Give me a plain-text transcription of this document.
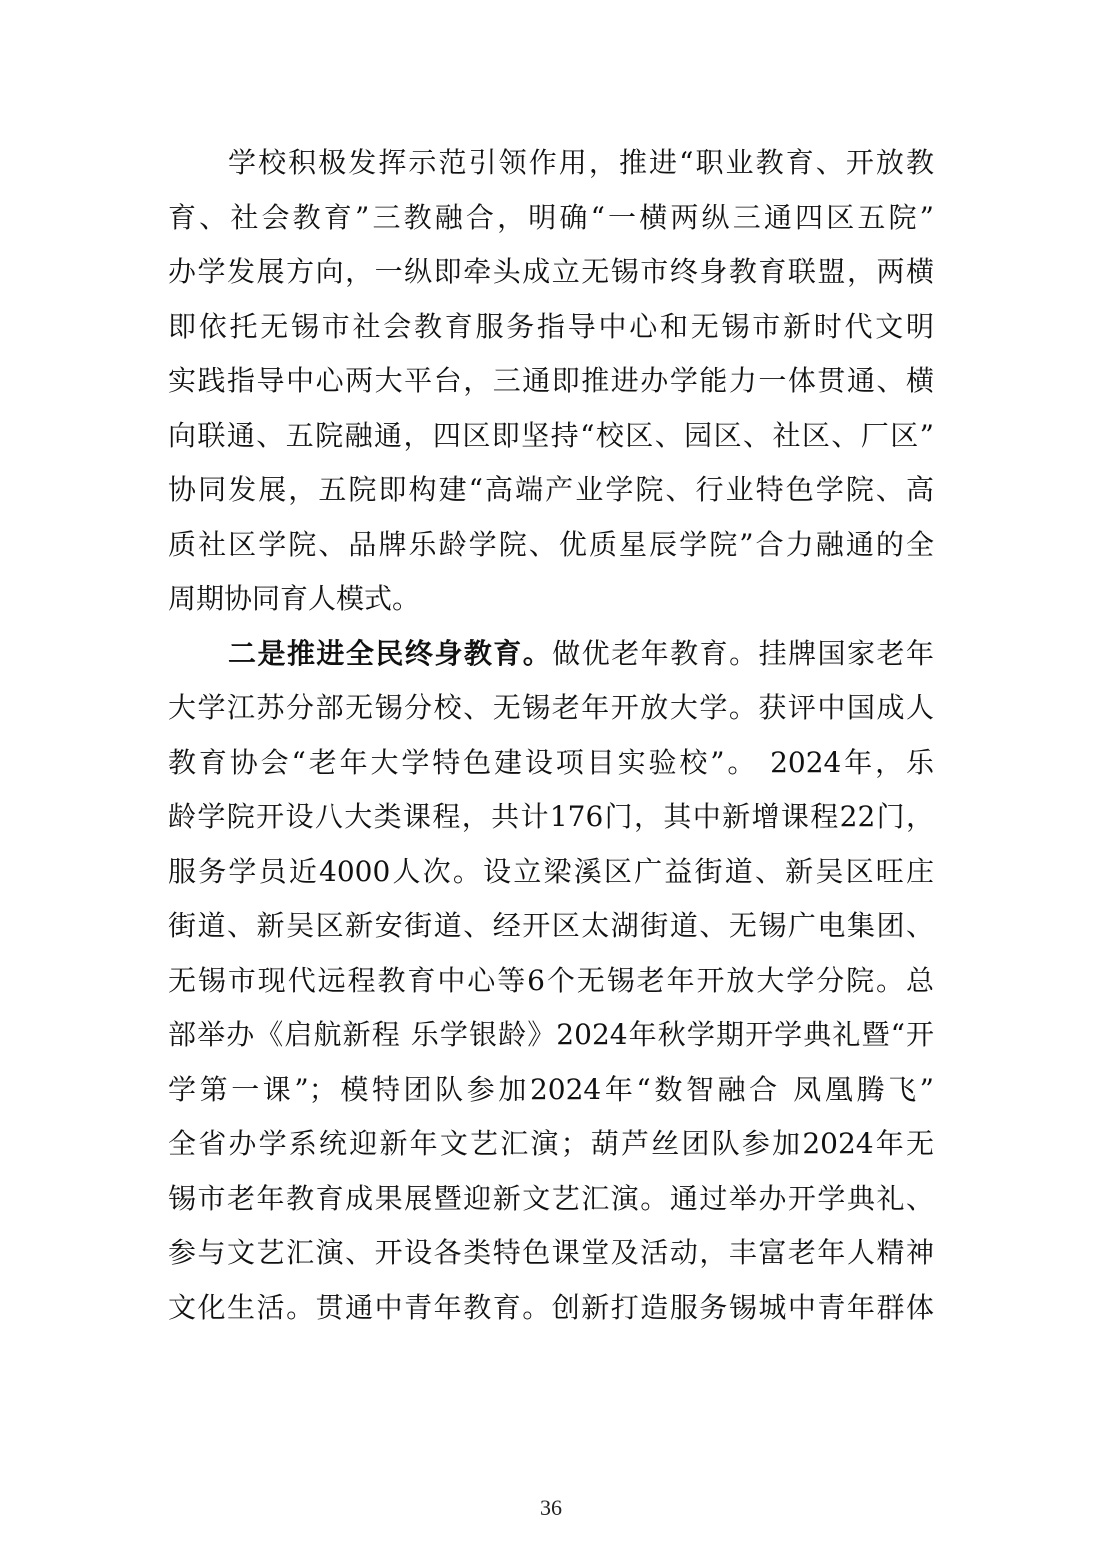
学校积极发挥示范引领作用，推进“职业教育、开放教
育、社会教育”三教融合，明确“一横两纵三通四区五院”
办学发展方向，一纵即牵头成立无锡市终身教育联盟，两横
即依托无锡市社会教育服务指导中心和无锡市新时代文明
实践指导中心两大平台，三通即推进办学能力一体贯通、横
向联通、五院融通，四区即坚持“校区、园区、社区、厂区”
协同发展，五院即构建“高端产业学院、行业特色学院、高
质社区学院、品牌乐龄学院、优质星辰学院”合力融通的全
周期协同育人模式。
二是推进全民终身教育。做优老年教育。挂牌国家老年
大学江苏分部无锡分校、无锡老年开放大学。获评中国成人
教育协会“老年大学特色建设项目实验校”。 2024年，乐
龄学院开设八大类课程，共计176门，其中新增课程22门，
服务学员近4000人次。设立梁溪区广益街道、新吴区旺庄
街道、新吴区新安街道、经开区太湖街道、无锡广电集团、
无锡市现代远程教育中心等6个无锡老年开放大学分院。总
部举办《启航新程 乐学银龄》2024年秋学期开学典礼暨“开
学第一课”；模特团队参加2024年“数智融合 凤凰腾飞”
全省办学系统迎新年文艺汇演；葫芦丝团队参加2024年无
锡市老年教育成果展暨迎新文艺汇演。通过举办开学典礼、
参与文艺汇演、开设各类特色课堂及活动，丰富老年人精神
文化生活。贯通中青年教育。创新打造服务锡城中青年群体
36
